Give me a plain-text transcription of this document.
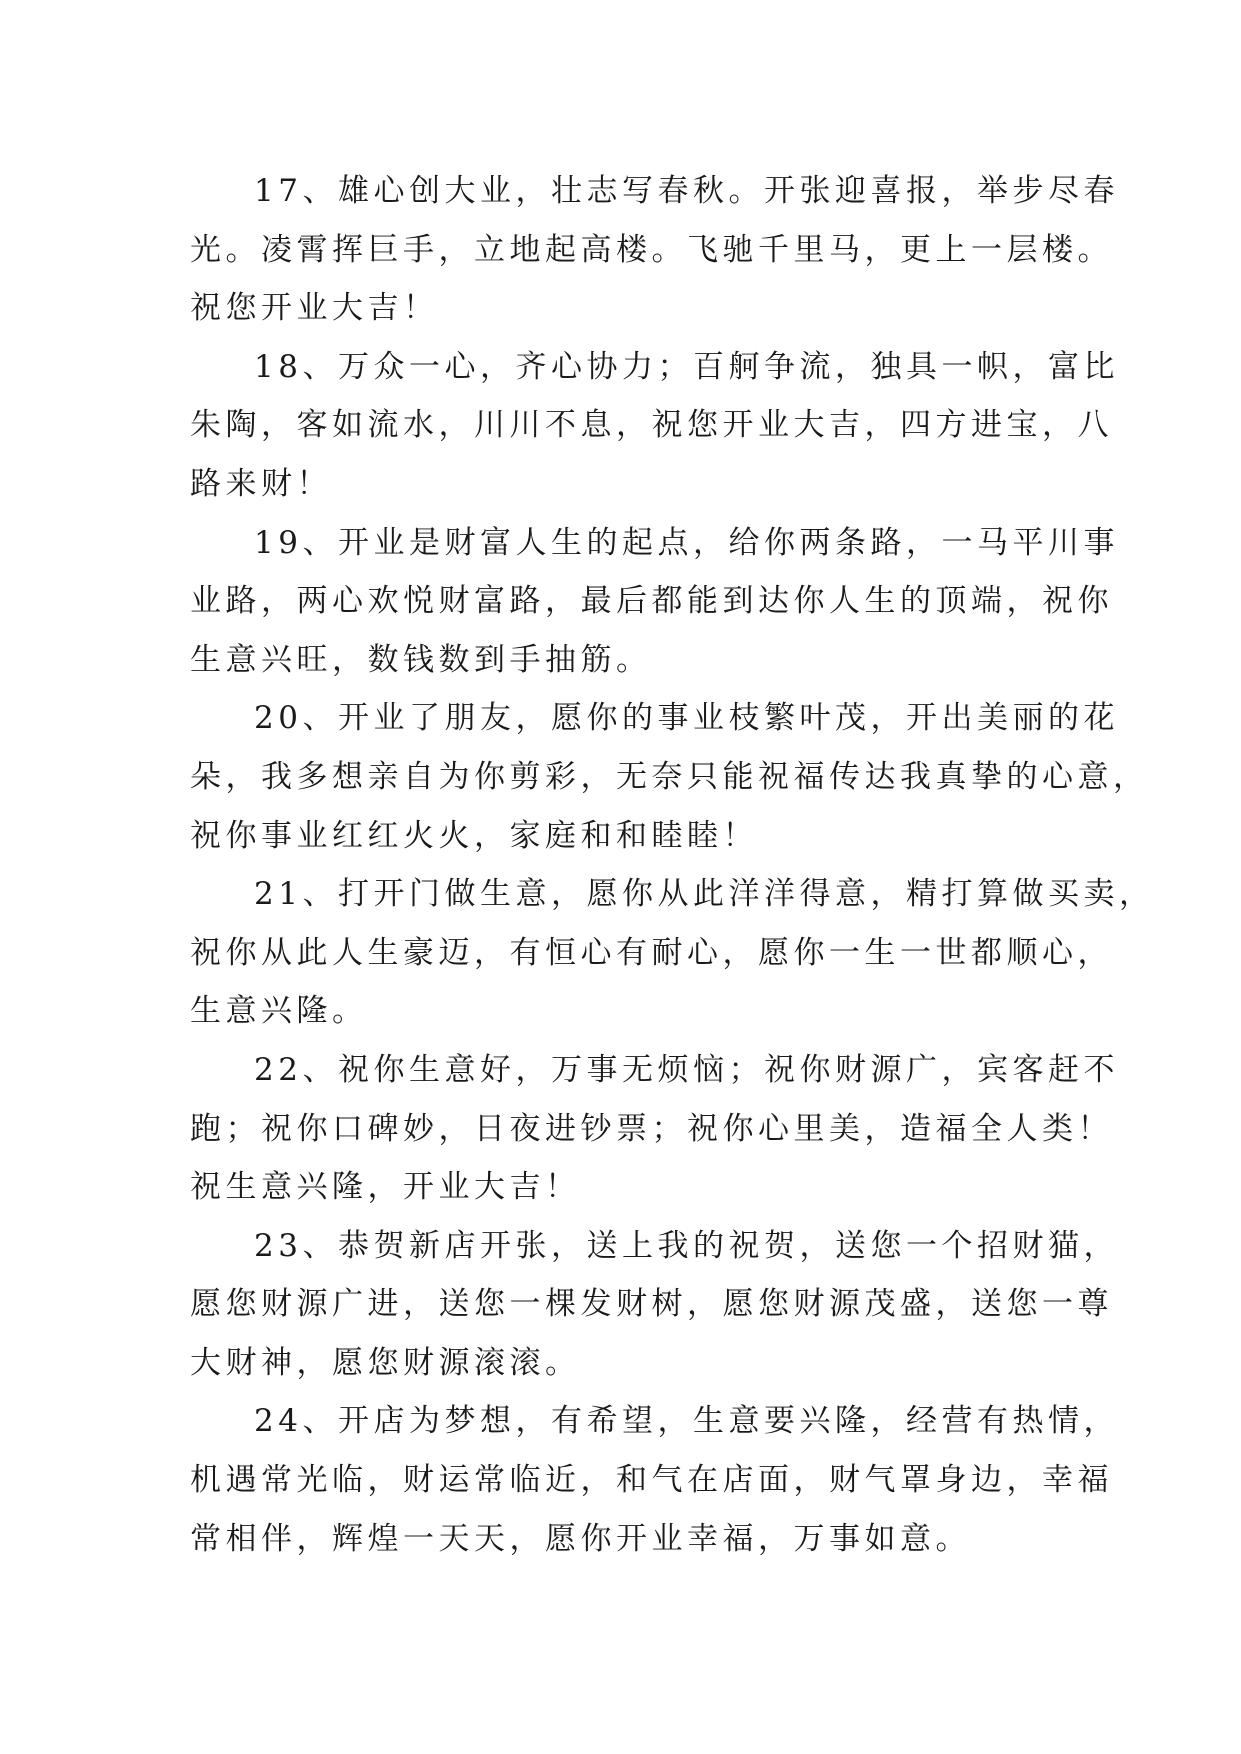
17、雄心创大业，壮志写春秋。开张迎喜报，举步尽春
光。凌霄挥巨手，立地起高楼。飞驰千里马，更上一层楼。
祝您开业大吉！
18、万众一心，齐心协力；百舸争流，独具一帜，富比
朱陶，客如流水，川川不息，祝您开业大吉，四方进宝，八
路来财！
19、开业是财富人生的起点，给你两条路，一马平川事
业路，两心欢悦财富路，最后都能到达你人生的顶端，祝你
生意兴旺，数钱数到手抽筋。
20、开业了朋友，愿你的事业枝繁叶茂，开出美丽的花
朵，我多想亲自为你剪彩，无奈只能祝福传达我真挚的心意，
祝你事业红红火火，家庭和和睦睦！
21、打开门做生意，愿你从此洋洋得意，精打算做买卖，
祝你从此人生豪迈，有恒心有耐心，愿你一生一世都顺心，
生意兴隆。
22、祝你生意好，万事无烦恼；祝你财源广，宾客赶不
跑；祝你口碑妙，日夜进钞票；祝你心里美，造福全人类！
祝生意兴隆，开业大吉！
23、恭贺新店开张，送上我的祝贺，送您一个招财猫，
愿您财源广进，送您一棵发财树，愿您财源茂盛，送您一尊
大财神，愿您财源滚滚。
24、开店为梦想，有希望，生意要兴隆，经营有热情，
机遇常光临，财运常临近，和气在店面，财气罩身边，幸福
常相伴，辉煌一天天，愿你开业幸福，万事如意。
